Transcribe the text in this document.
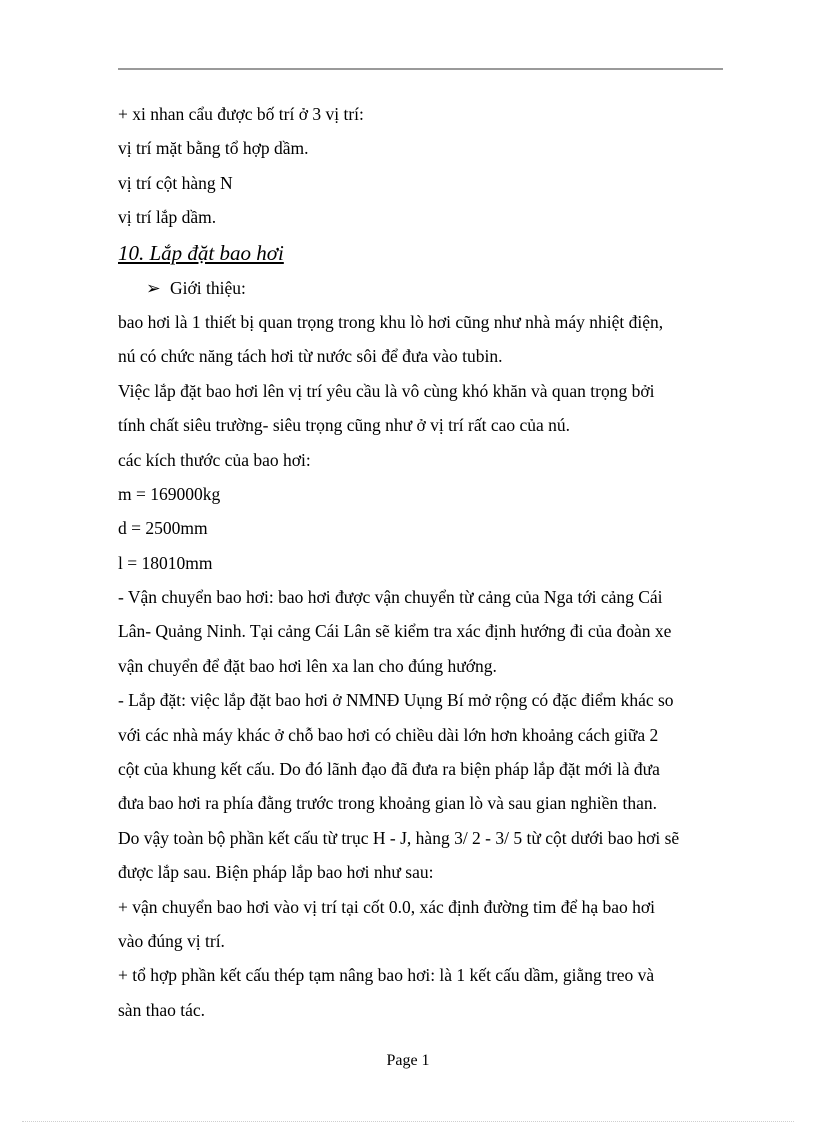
+ xi nhan cẩu được bố trí ở 3 vị trí:
vị trí mặt bằng tổ hợp dầm.
vị trí cột hàng N
vị trí lắp dầm.
10. Lắp đặt bao hơi
➢ Giới thiệu:
bao hơi là 1 thiết bị quan trọng trong khu lò hơi cũng như nhà máy nhiệt điện,
nú có chức năng tách hơi từ nước sôi để đưa vào tubin.
Việc lắp đặt bao hơi lên vị trí yêu cầu là vô cùng khó khăn và quan trọng bởi
tính chất siêu trường- siêu trọng cũng như ở vị trí rất cao của nú.
các kích thước của bao hơi:
m = 169000kg
d = 2500mm
l = 18010mm
- Vận chuyển bao hơi: bao hơi được vận chuyển từ cảng của Nga tới cảng Cái
Lân- Quảng Ninh. Tại cảng Cái Lân sẽ kiểm tra xác định hướng đi của đoàn xe
vận chuyển để đặt bao hơi lên xa lan cho đúng hướng.
- Lắp đặt: việc lắp đặt bao hơi ở NMNĐ Uụng Bí mở rộng có đặc điểm khác so
với các nhà máy khác ở chỗ bao hơi có chiều dài lớn hơn khoảng cách giữa 2
cột của khung kết cấu. Do đó lãnh đạo đã đưa ra biện pháp lắp đặt mới là đưa
đưa bao hơi ra phía đằng trước trong khoảng gian lò và sau gian nghiền than.
Do vậy toàn bộ phần kết cấu từ trục H - J, hàng 3/ 2 - 3/ 5 từ cột dưới bao hơi sẽ
được lắp sau. Biện pháp lắp bao hơi như sau:
+ vận chuyển bao hơi vào vị trí tại cốt 0.0, xác định đường tim để hạ bao hơi
vào đúng vị trí.
+ tổ hợp phần kết cấu thép tạm nâng bao hơi: là 1 kết cấu dầm, giằng treo và
sàn thao tác.
Page 1
